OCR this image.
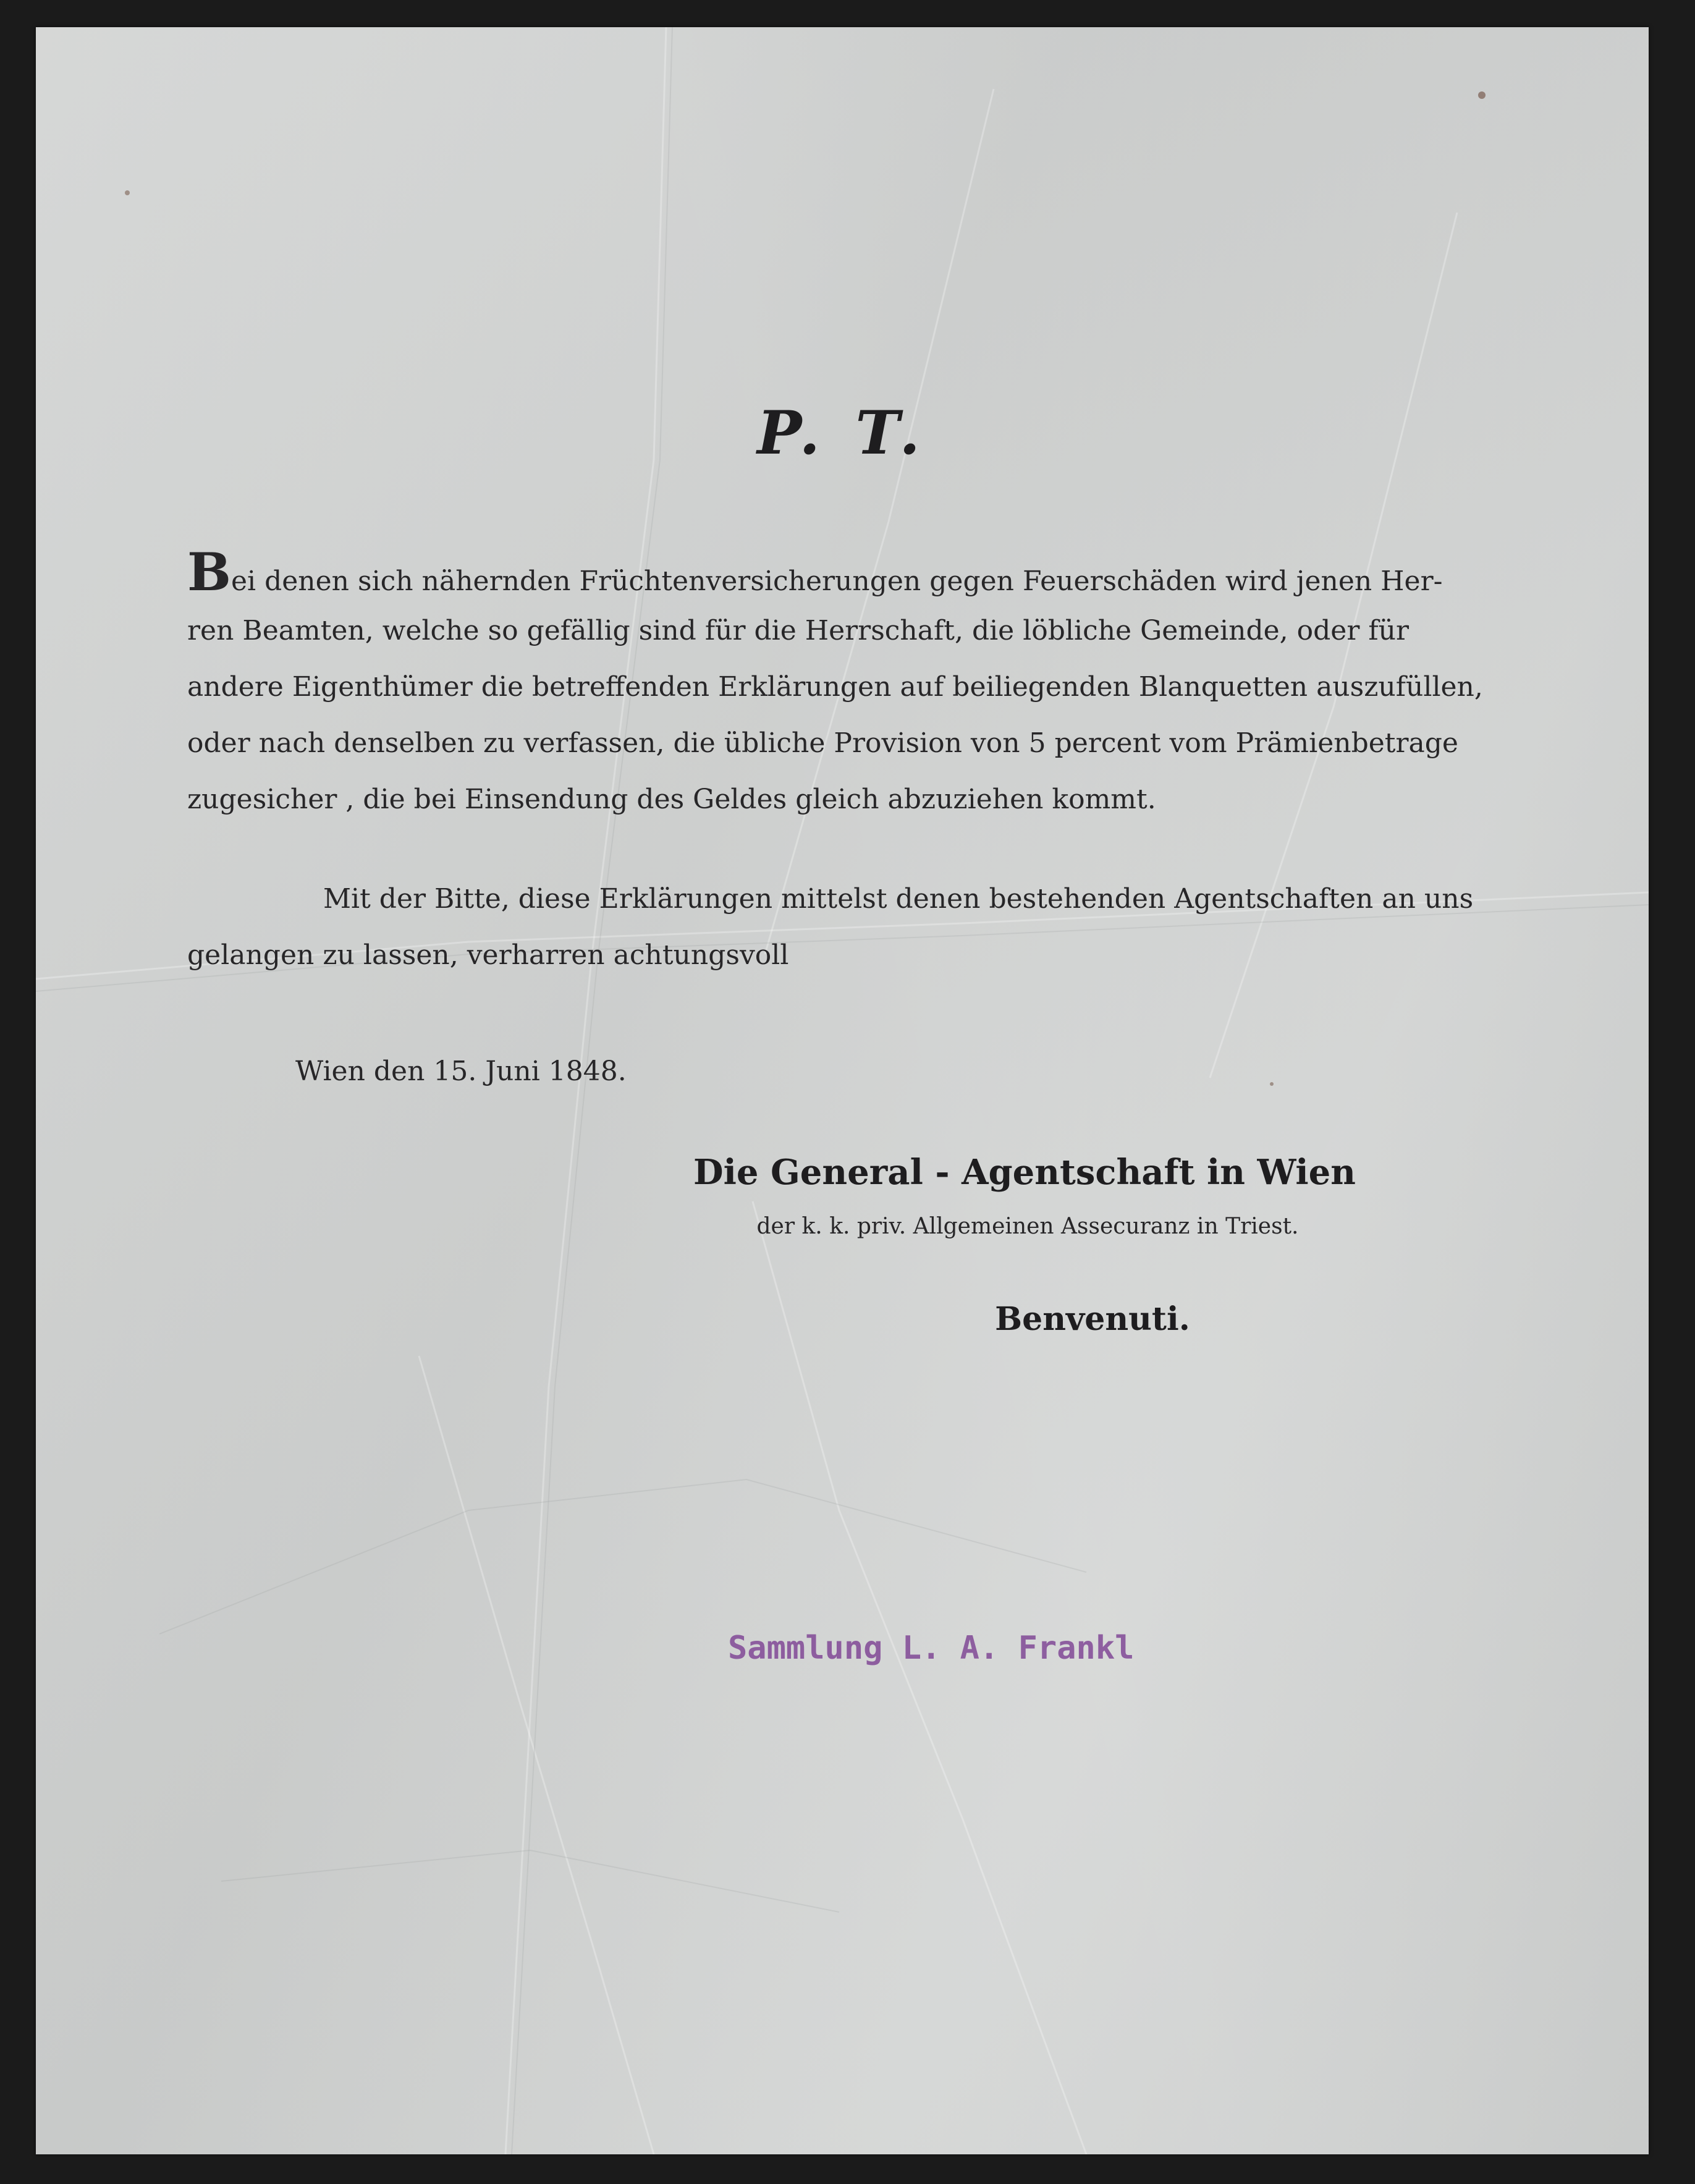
P. T.
Bei denen sich nähernden Früchtenversicherungen gegen Feuerschäden wird jenen Her-
ren Beamten, welche so gefällig sind für die Herrschaft, die löbliche Gemeinde, oder für
andere Eigenthümer die betreffenden Erklärungen auf beiliegenden Blanquetten auszufüllen,
oder nach denselben zu verfassen, die übliche Provision von 5 percent vom Prämienbetrage
zugesicher , die bei Einsendung des Geldes gleich abzuziehen kommt.
Mit der Bitte, diese Erklärungen mittelst denen bestehenden Agentschaften an uns
gelangen zu lassen, verharren achtungsvoll
Wien den 15. Juni 1848.
Die General - Agentschaft in Wien
der k. k. priv. Allgemeinen Assecuranz in Triest.
Benvenuti.
Sammlung L. A. Frankl
